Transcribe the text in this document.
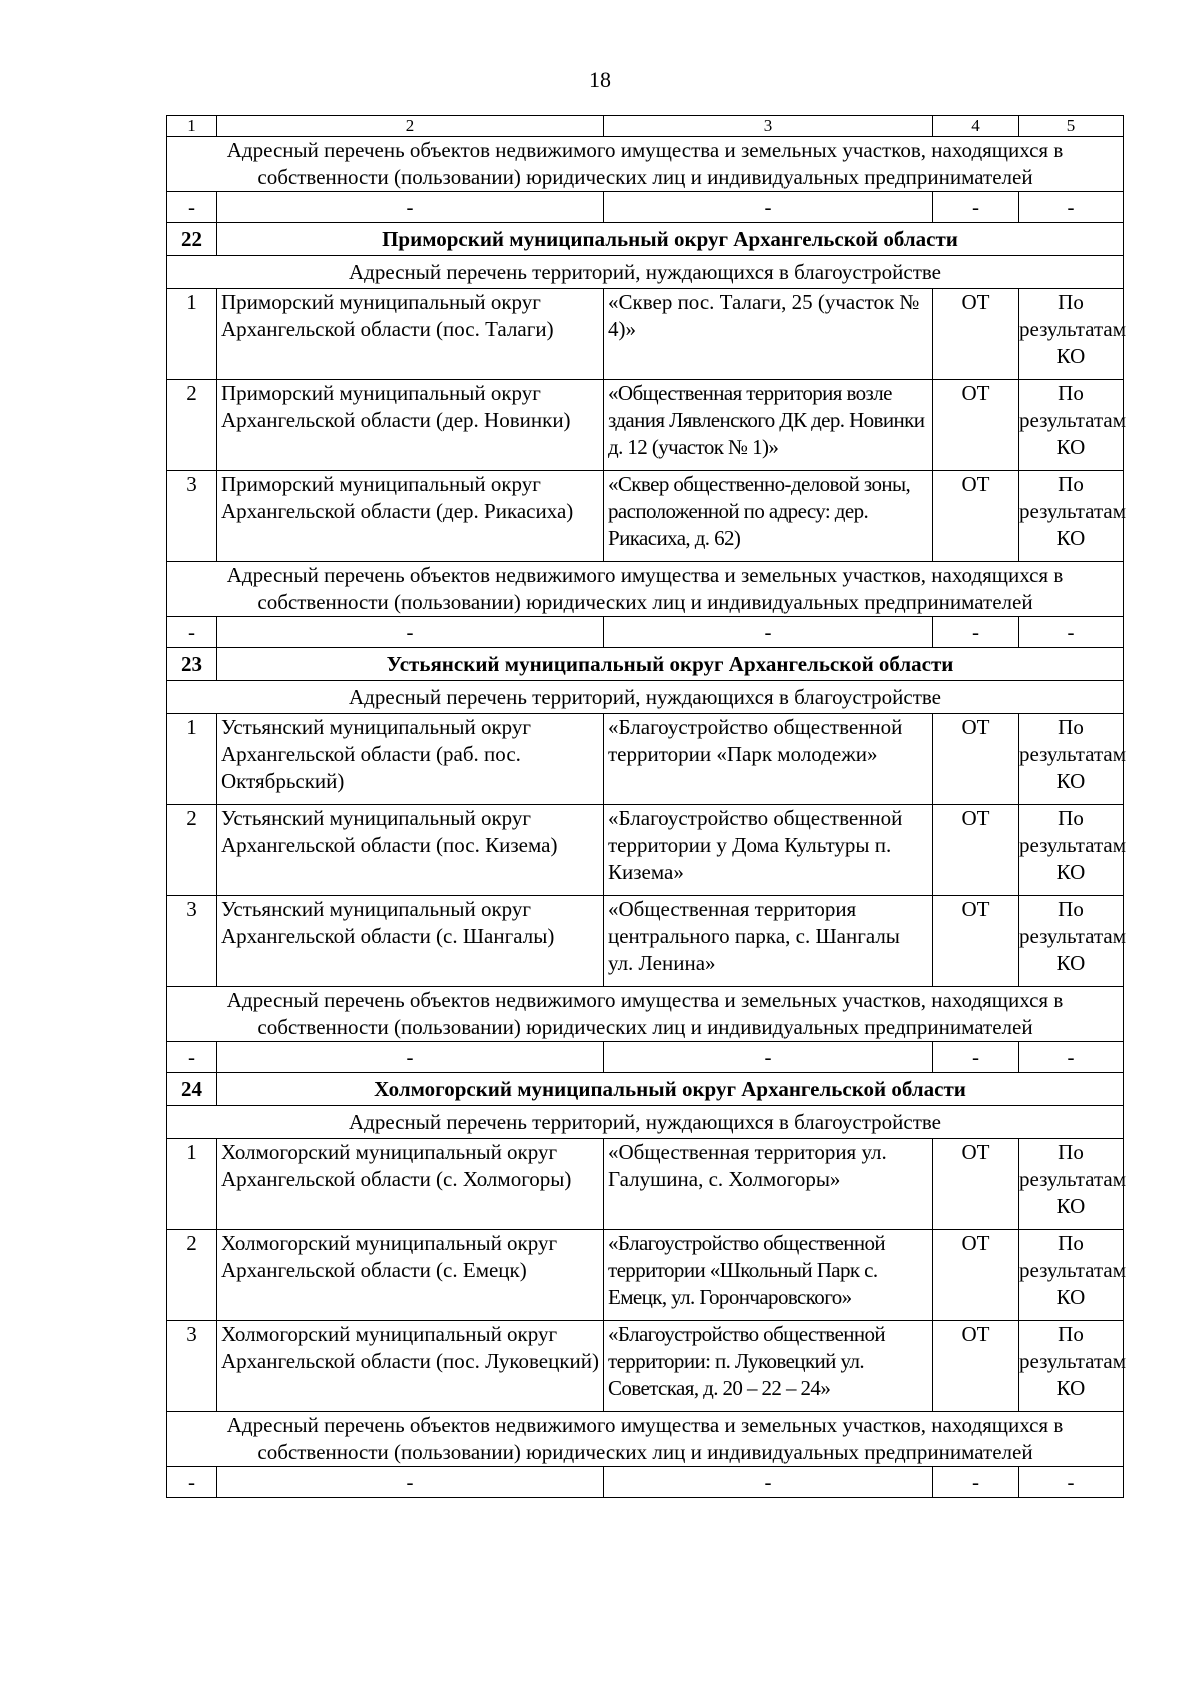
18
1	2	3	4	5
Адресный перечень объектов недвижимого имущества и земельных участков, находящихся в собственности (пользовании) юридических лиц и индивидуальных предпринимателей				
-	-	-	-	-
22	Приморский муниципальный округ Архангельской области			
Адресный перечень территорий, нуждающихся в благоустройстве				
1	Приморский муниципальный округ Архангельской области (пос. Талаги)	«Сквер пос. Талаги, 25 (участок № 4)»	ОТ	По результатам КО
2	Приморский муниципальный округ Архангельской области (дер. Новинки)	«Общественная территория возле здания Лявленского ДК дер. Новинки д. 12 (участок № 1)»	ОТ	По результатам КО
3	Приморский муниципальный округ Архангельской области (дер. Рикасиха)	«Сквер общественно-деловой зоны, расположенной по адресу: дер. Рикасиха, д. 62)	ОТ	По результатам КО
Адресный перечень объектов недвижимого имущества и земельных участков, находящихся в собственности (пользовании) юридических лиц и индивидуальных предпринимателей				
-	-	-	-	-
23	Устьянский муниципальный округ Архангельской области			
Адресный перечень территорий, нуждающихся в благоустройстве				
1	Устьянский муниципальный округ Архангельской области (раб. пос. Октябрьский)	«Благоустройство общественной территории «Парк молодежи»	ОТ	По результатам КО
2	Устьянский муниципальный округ Архангельской области (пос. Кизема)	«Благоустройство общественной территории у Дома Культуры п. Кизема»	ОТ	По результатам КО
3	Устьянский муниципальный округ Архангельской области (с. Шангалы)	«Общественная территория центрального парка, с. Шангалы ул. Ленина»	ОТ	По результатам КО
Адресный перечень объектов недвижимого имущества и земельных участков, находящихся в собственности (пользовании) юридических лиц и индивидуальных предпринимателей				
-	-	-	-	-
24	Холмогорский муниципальный округ Архангельской области			
Адресный перечень территорий, нуждающихся в благоустройстве				
1	Холмогорский муниципальный округ Архангельской области (с. Холмогоры)	«Общественная территория ул. Галушина, с. Холмогоры»	ОТ	По результатам КО
2	Холмогорский муниципальный округ Архангельской области (с. Емецк)	«Благоустройство общественной территории «Школьный Парк с. Емецк, ул. Горончаровского»	ОТ	По результатам КО
3	Холмогорский муниципальный округ Архангельской области (пос. Луковецкий)	«Благоустройство общественной территории: п. Луковецкий ул. Советская, д. 20 – 22 – 24»	ОТ	По результатам КО
Адресный перечень объектов недвижимого имущества и земельных участков, находящихся в собственности (пользовании) юридических лиц и индивидуальных предпринимателей				
-	-	-	-	-
